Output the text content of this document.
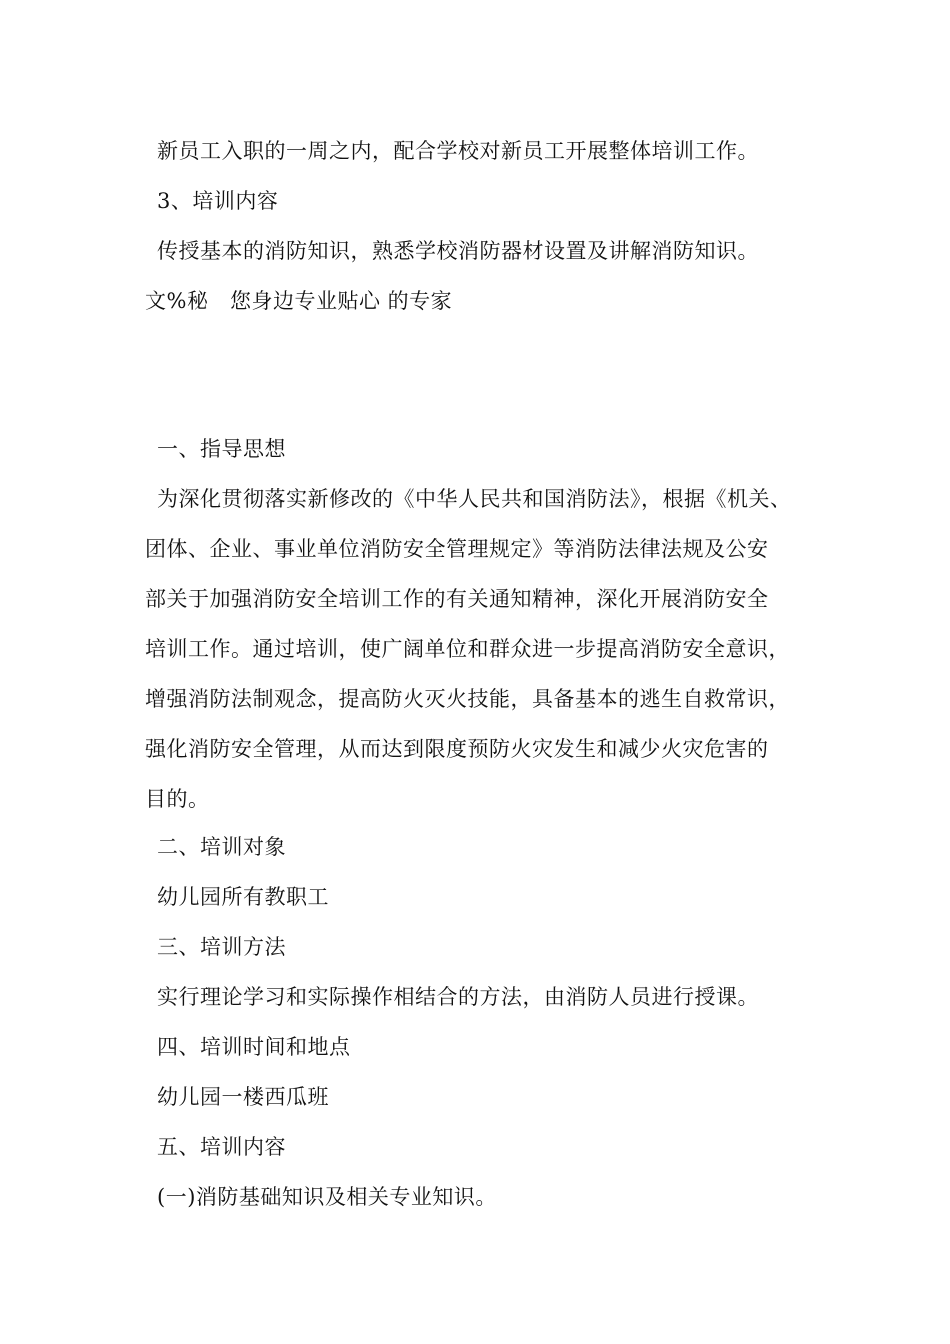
新员工入职的一周之内，配合学校对新员工开展整体培训工作。
3、培训内容
传授基本的消防知识，熟悉学校消防器材设置及讲解消防知识。
文%秘　您身边专业贴心 的专家
一、指导思想
为深化贯彻落实新修改的《中华人民共和国消防法》，根据《机关、
团体、企业、事业单位消防安全管理规定》等消防法律法规及公安
部关于加强消防安全培训工作的有关通知精神，深化开展消防安全
培训工作。通过培训，使广阔单位和群众进一步提高消防安全意识，
增强消防法制观念，提高防火灭火技能，具备基本的逃生自救常识，
强化消防安全管理，从而达到限度预防火灾发生和减少火灾危害的
目的。
二、培训对象
幼儿园所有教职工
三、培训方法
实行理论学习和实际操作相结合的方法，由消防人员进行授课。
四、培训时间和地点
幼儿园一楼西瓜班
五、培训内容
(一)消防基础知识及相关专业知识。
